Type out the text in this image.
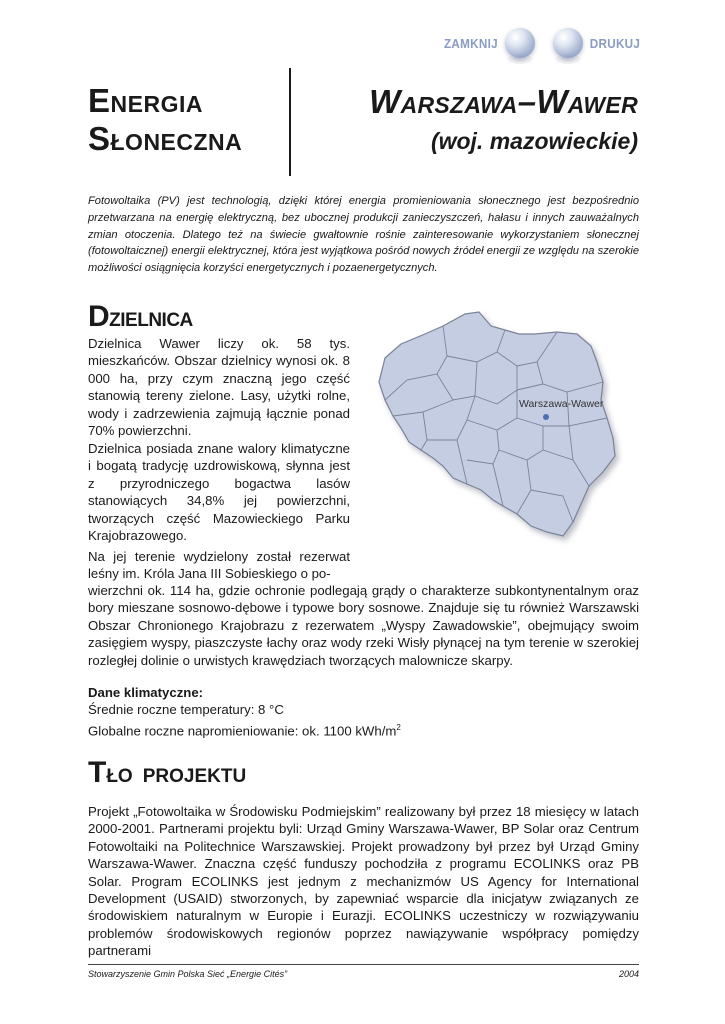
ZAMKNIJ	DRUKUJ
Energia
Słoneczna
Warszawa–Wawer
(woj. mazowieckie)
Fotowoltaika (PV) jest technologią, dzięki której energia promieniowania słonecznego jest bezpośrednio przetwarzana na energię elektryczną, bez ubocznej produkcji zanieczyszczeń, hałasu i innych zauważalnych zmian otoczenia. Dlatego też na świecie gwałtownie rośnie zainteresowanie wykorzystaniem słonecznej (fotowoltaicznej) energii elektrycznej, która jest wyjątkowa pośród nowych źródeł energii ze względu na szerokie możliwości osiągnięcia korzyści energetycznych i pozaenergetycznych.
DZIELNICA
Dzielnica Wawer liczy ok. 58 tys. mieszkańców. Obszar dzielnicy wynosi ok. 8 000 ha, przy czym znaczną jego część stanowią tereny zielone. Lasy, użytki rolne, wody i zadrzewienia zajmują łącznie ponad 70% powierzchni.
Dzielnica posiada znane walory klimatyczne i bogatą tradycję uzdrowiskową, słynna jest z przyrodniczego bogactwa lasów stanowiących 34,8% jej powierzchni, tworzących część Mazowieckiego Parku Krajobrazowego.
Na jej terenie wydzielony został rezerwat leśny im. Króla Jana III Sobieskiego o po-
wierzchni ok. 114 ha, gdzie ochronie podlegają grądy o charakterze subkontynentalnym oraz bory mieszane sosnowo-dębowe i typowe bory sosnowe. Znajduje się tu również Warszawski Obszar Chronionego Krajobrazu z rezerwatem „Wyspy Zawadowskie”, obejmujący swoim zasięgiem wyspy, piaszczyste łachy oraz wody rzeki Wisły płynącej na tym terenie w szerokiej rozległej dolinie o urwistych krawędziach tworzących malownicze skarpy.
Warszawa-Wawer
Dane klimatyczne:
Średnie roczne temperatury: 8 °C
Globalne roczne napromieniowanie: ok. 1100 kWh/$m^2$
TŁO PROJEKTU
Projekt „Fotowoltaika w Środowisku Podmiejskim” realizowany był przez 18 miesięcy w latach 2000-2001. Partnerami projektu byli: Urząd Gminy Warszawa-Wawer, BP Solar oraz Centrum Fotowoltaiki na Politechnice Warszawskiej. Projekt prowadzony był przez był Urząd Gminy Warszawa-Wawer. Znaczna część funduszy pochodziła z programu ECOLINKS oraz PB Solar. Program ECOLINKS jest jednym z mechanizmów US Agency for International Development (USAID) stworzonych, by zapewniać wsparcie dla inicjatyw związanych ze środowiskiem naturalnym w Europie i Eurazji. ECOLINKS uczestniczy w rozwiązywaniu problemów środowiskowych regionów poprzez nawiązywanie współpracy pomiędzy partnerami
Stowarzyszenie Gmin Polska Sieć „Energie Cités”	2004
